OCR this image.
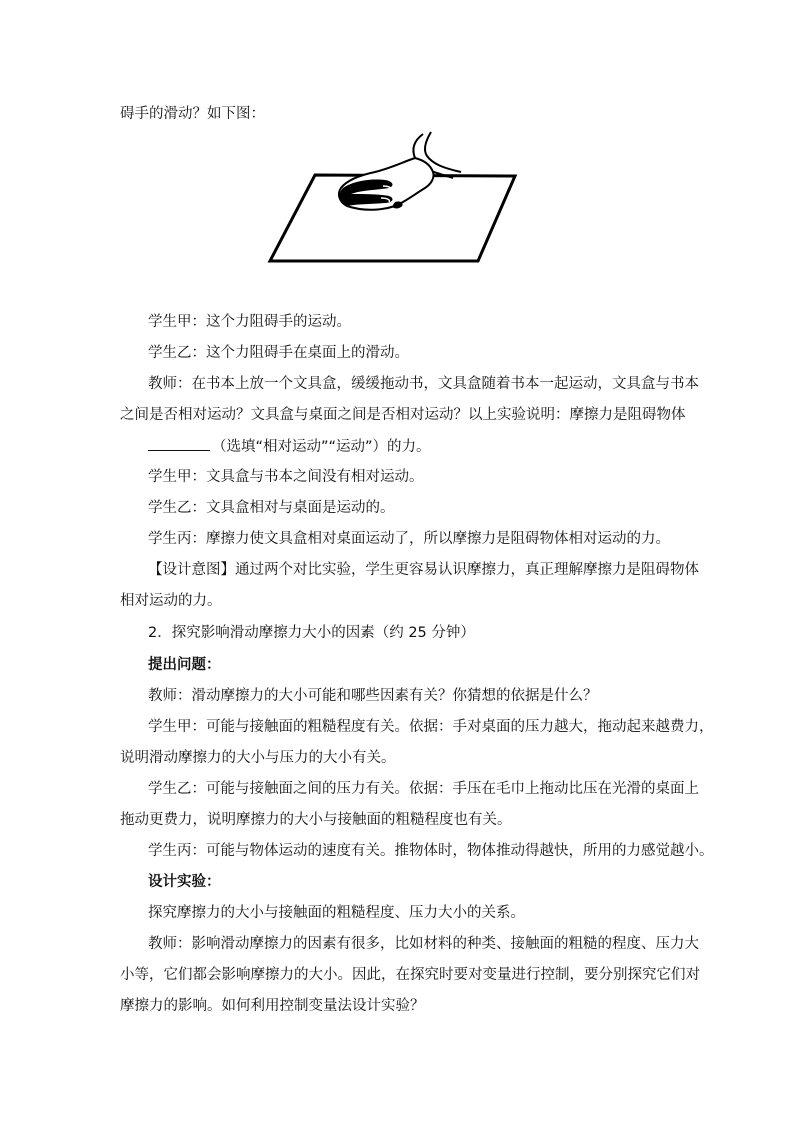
碍手的滑动？如下图：
学生甲：这个力阻碍手的运动。
学生乙：这个力阻碍手在桌面上的滑动。
教师：在书本上放一个文具盒，缓缓拖动书，文具盒随着书本一起运动，文具盒与书本
之间是否相对运动？文具盒与桌面之间是否相对运动？以上实验说明：摩擦力是阻碍物体
（选填“相对运动”“运动”）的力。
学生甲：文具盒与书本之间没有相对运动。
学生乙：文具盒相对与桌面是运动的。
学生丙：摩擦力使文具盒相对桌面运动了，所以摩擦力是阻碍物体相对运动的力。
【设计意图】通过两个对比实验，学生更容易认识摩擦力，真正理解摩擦力是阻碍物体
相对运动的力。
2．探究影响滑动摩擦力大小的因素（约 25 分钟）
提出问题：
教师：滑动摩擦力的大小可能和哪些因素有关？你猜想的依据是什么？
学生甲：可能与接触面的粗糙程度有关。依据：手对桌面的压力越大，拖动起来越费力，
说明滑动摩擦力的大小与压力的大小有关。
学生乙：可能与接触面之间的压力有关。依据：手压在毛巾上拖动比压在光滑的桌面上
拖动更费力，说明摩擦力的大小与接触面的粗糙程度也有关。
学生丙：可能与物体运动的速度有关。推物体时，物体推动得越快，所用的力感觉越小。
设计实验：
探究摩擦力的大小与接触面的粗糙程度、压力大小的关系。
教师：影响滑动摩擦力的因素有很多，比如材料的种类、接触面的粗糙的程度、压力大
小等，它们都会影响摩擦力的大小。因此，在探究时要对变量进行控制，要分别探究它们对
摩擦力的影响。如何利用控制变量法设计实验？
